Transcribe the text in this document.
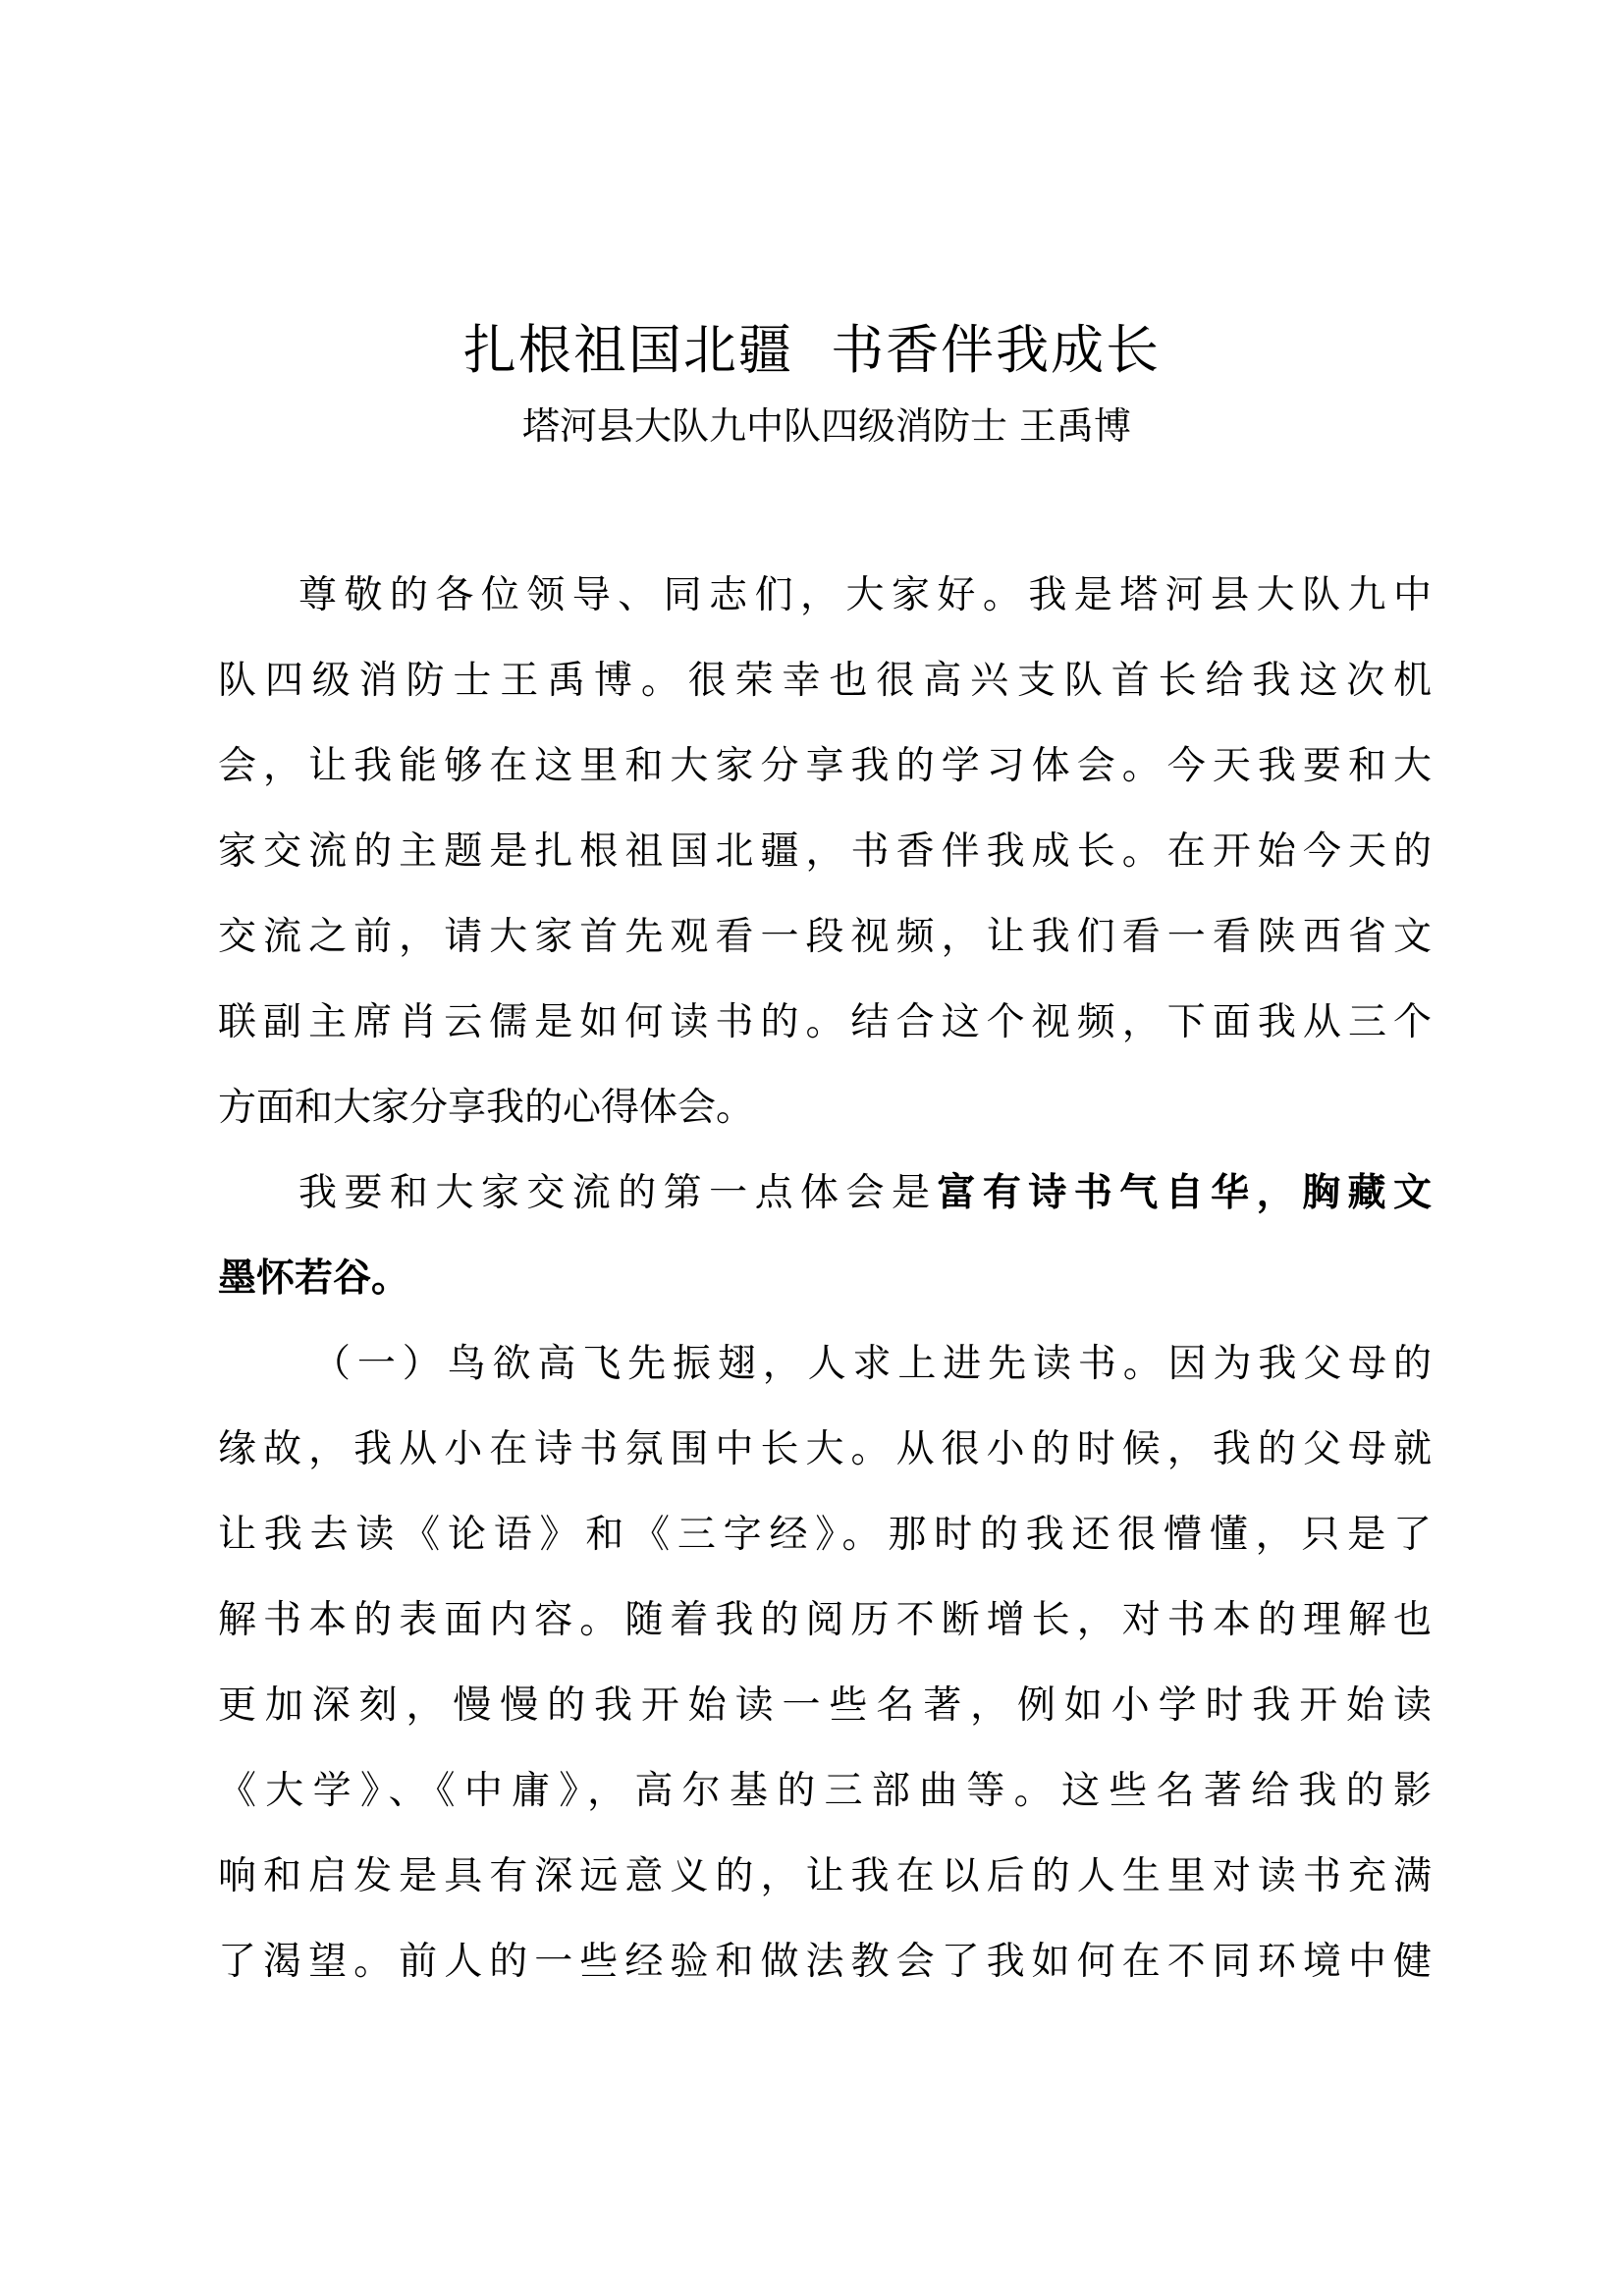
扎根祖国北疆  书香伴我成长
塔河县大队九中队四级消防士 王禹博
尊敬的各位领导、同志们，大家好。我是塔河县大队九中
队四级消防士王禹博。很荣幸也很高兴支队首长给我这次机
会，让我能够在这里和大家分享我的学习体会。今天我要和大
家交流的主题是扎根祖国北疆，书香伴我成长。在开始今天的
交流之前，请大家首先观看一段视频，让我们看一看陕西省文
联副主席肖云儒是如何读书的。结合这个视频，下面我从三个
方面和大家分享我的心得体会。
我要和大家交流的第一点体会是富有诗书气自华，胸藏文
墨怀若谷。
（一）鸟欲高飞先振翅，人求上进先读书。因为我父母的
缘故，我从小在诗书氛围中长大。从很小的时候，我的父母就
让我去读《论语》和《三字经》。那时的我还很懵懂，只是了
解书本的表面内容。随着我的阅历不断增长，对书本的理解也
更加深刻，慢慢的我开始读一些名著，例如小学时我开始读
《大学》、《中庸》，高尔基的三部曲等。这些名著给我的影
响和启发是具有深远意义的，让我在以后的人生里对读书充满
了渴望。前人的一些经验和做法教会了我如何在不同环境中健
